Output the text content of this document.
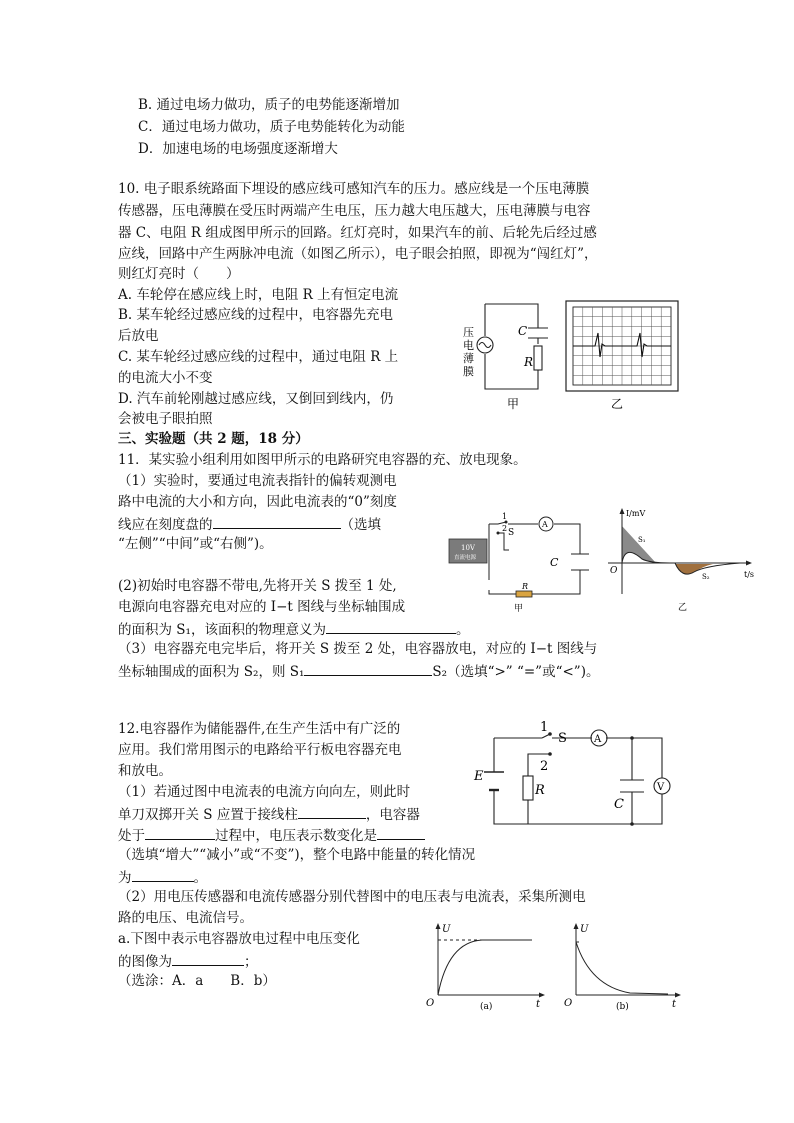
B. 通过电场力做功，质子的电势能逐渐增加
C．通过电场力做功，质子电势能转化为动能
D．加速电场的电场强度逐渐增大
10. 电子眼系统路面下埋设的感应线可感知汽车的压力。感应线是一个压电薄膜
传感器，压电薄膜在受压时两端产生电压，压力越大电压越大，压电薄膜与电容
器 C、电阻 R 组成图甲所示的回路。红灯亮时，如果汽车的前、后轮先后经过感
应线，回路中产生两脉冲电流（如图乙所示），电子眼会拍照，即视为“闯红灯”，
则红灯亮时（　　）
A. 车轮停在感应线上时，电阻 R 上有恒定电流
B. 某车轮经过感应线的过程中，电容器先充电
后放电
C. 某车轮经过感应线的过程中，通过电阻 R 上
的电流大小不变
D. 汽车前轮刚越过感应线，又倒回到线内，仍
会被电子眼拍照
压
电
薄
膜
C
R
甲	乙
三、实验题（共 2 题，18 分）
11．某实验小组利用如图甲所示的电路研究电容器的充、放电现象。
（1）实验时，要通过电流表指针的偏转观测电
路中电流的大小和方向，因此电流表的“0”刻度
线应在刻度盘的	（选填
“左侧”“中间”或“右侧”)。
(2)初始时电容器不带电,先将开关 S 拨至 1 处,
电源向电容器充电对应的 I−t 图线与坐标轴围成
的面积为 S₁，该面积的物理意义为	。
（3）电容器充电完毕后，将开关 S 拨至 2 处，电容器放电，对应的 I−t 图线与
坐标轴围成的面积为 S₂，则 S₁	S₂（选填“>” “=”或“<”)。
10V
直流电源
1
2 S
A
C
R
甲
I/mV
t/s
O
S₁
S₂
乙
12.电容器作为储能器件,在生产生活中有广泛的
应用。我们常用图示的电路给平行板电容器充电
和放电。
（1）若通过图中电流表的电流方向向左，则此时
单刀双掷开关 S 应置于接线柱	，电容器
处于	过程中，电压表示数变化是
（选填“增大”“减小”或“不变”)，整个电路中能量的转化情况
为	。
（2）用电压传感器和电流传感器分别代替图中的电压表与电流表，采集所测电
路的电压、电流信号。
a.下图中表示电容器放电过程中电压变化
的图像为	；
（选涂：A．a　　B．b）
1
2
S	A
V
E
R
C
U
t
O	(a)
U
t
O	(b)
